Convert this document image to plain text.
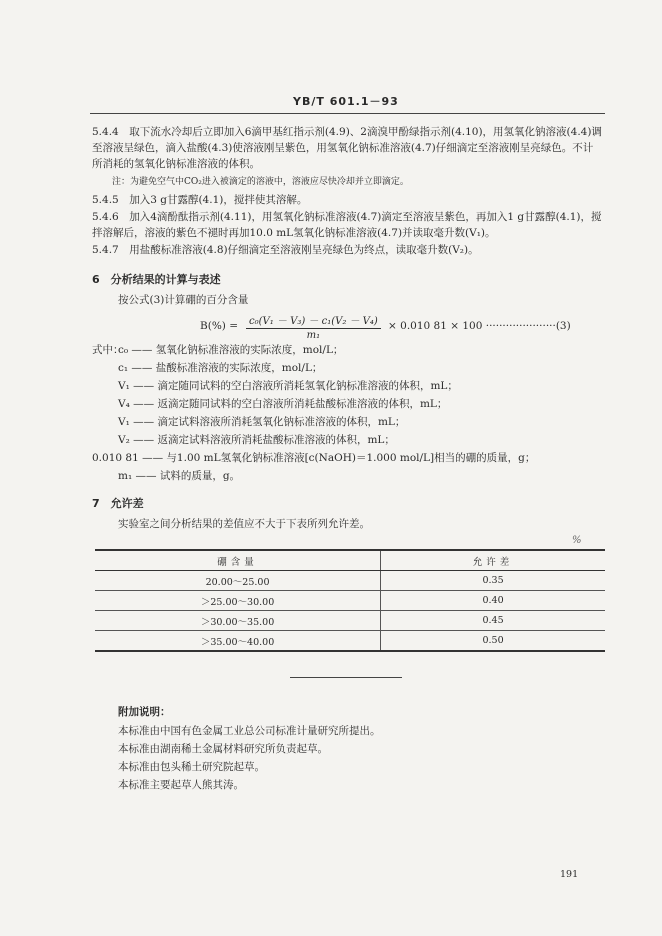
YB/T 601.1－93
5.4.4　取下流水冷却后立即加入6滴甲基红指示剂(4.9)、2滴溴甲酚绿指示剂(4.10)，用氢氧化钠溶液(4.4)调至溶液呈绿色，滴入盐酸(4.3)使溶液刚呈紫色，用氢氧化钠标准溶液(4.7)仔细滴定至溶液刚呈亮绿色。不计所消耗的氢氧化钠标准溶液的体积。
注：为避免空气中CO₂进入被滴定的溶液中，溶液应尽快冷却并立即滴定。
5.4.5　加入3 g甘露醇(4.1)，搅拌使其溶解。
5.4.6　加入4滴酚酞指示剂(4.11)，用氢氧化钠标准溶液(4.7)滴定至溶液呈紫色，再加入1 g甘露醇(4.1)，搅拌溶解后，溶液的紫色不褪时再加10.0 mL氢氧化钠标准溶液(4.7)并读取毫升数(V₁)。
5.4.7　用盐酸标准溶液(4.8)仔细滴定至溶液刚呈亮绿色为终点，读取毫升数(V₂)。
6　分析结果的计算与表述
按公式(3)计算硼的百分含量
$B(\%) = \frac{\text{c₀(V₁ － V₃) － c₁(V₂ － V₄)}}{\text{m₁}} \times 0.010$ 81 × 100 ·····················(3)
式中：
c₀ —— 氢氧化钠标准溶液的实际浓度，mol/L；
c₁ —— 盐酸标准溶液的实际浓度，mol/L；
V₁ —— 滴定随同试料的空白溶液所消耗氢氧化钠标准溶液的体积，mL；
V₄ —— 返滴定随同试料的空白溶液所消耗盐酸标准溶液的体积，mL；
V₁ —— 滴定试料溶液所消耗氢氧化钠标准溶液的体积，mL；
V₂ —— 返滴定试料溶液所消耗盐酸标准溶液的体积，mL；
0.010 81 —— 与1.00 mL氢氧化钠标准溶液[c(NaOH)＝1.000 mol/L]相当的硼的质量，g；
m₁ —— 试料的质量，g。
7　允许差
实验室之间分析结果的差值应不大于下表所列允许差。
%
硼含量	允许差
20.00～25.00	0.35
＞25.00～30.00	0.40
＞30.00～35.00	0.45
＞35.00～40.00	0.50
附加说明：
本标准由中国有色金属工业总公司标准计量研究所提出。
本标准由湖南稀土金属材料研究所负责起草。
本标准由包头稀土研究院起草。
本标准主要起草人熊其涛。
191
